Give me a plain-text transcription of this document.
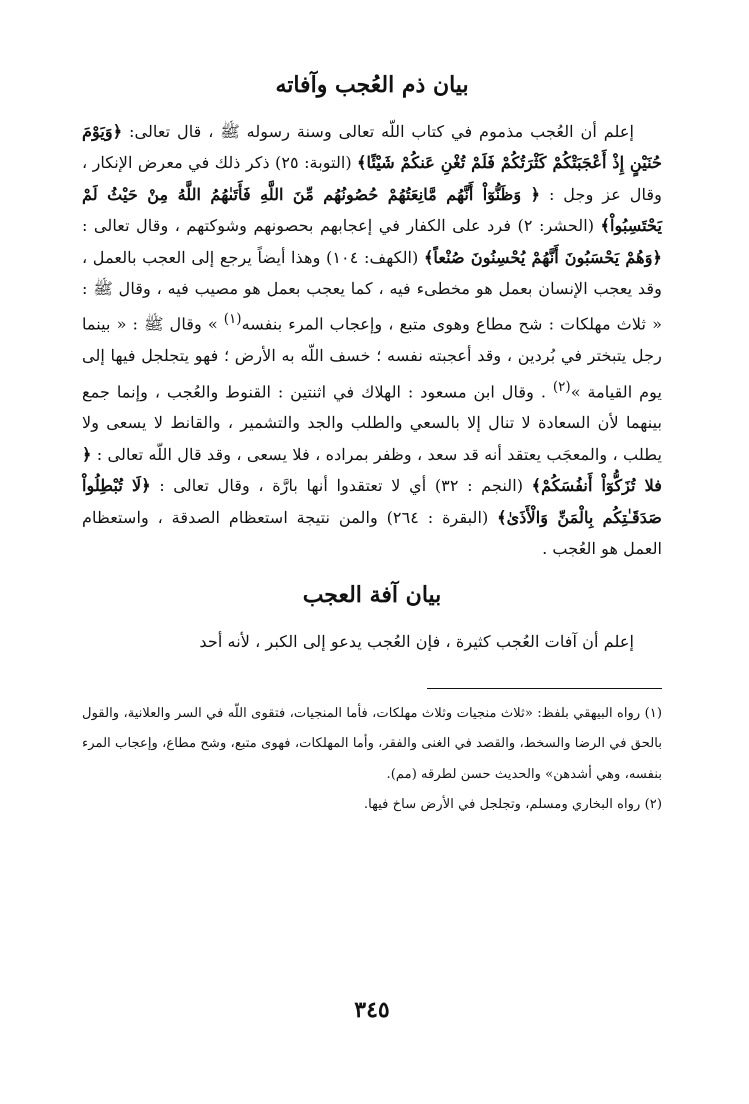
بيان ذم العُجب وآفاته

إعلم أن العُجب مذموم في كتاب اللّه تعالى وسنة رسوله ﷺ ، قال تعالى: ﴿وَيَوْمَ حُنَيْنٍ إِذْ أَعْجَبَتْكُمْ كَثْرَتُكُمْ فَلَمْ تُغْنِ عَنكُمْ شَيْئًا﴾ (التوبة: ٢٥) ذكر ذلك في معرض الإنكار ، وقال عز وجل : ﴿ وَظَنُّوٓاْ أَنَّهُم مَّانِعَتُهُمْ حُصُونُهُم مِّنَ اللَّهِ فَأَتَىٰهُمُ اللَّهُ مِنْ حَيْثُ لَمْ يَحْتَسِبُواْ﴾ (الحشر: ٢) فرد على الكفار في إعجابهم بحصونهم وشوكتهم ، وقال تعالى : ﴿وَهُمْ يَحْسَبُونَ أَنَّهُمْ يُحْسِنُونَ صُنْعاً﴾ (الكهف: ١٠٤) وهذا أيضاً يرجع إلى العجب بالعمل ، وقد يعجب الإنسان بعمل هو مخطىء فيه ، كما يعجب بعمل هو مصيب فيه ، وقال ﷺ : « ثلاث مهلكات : شح مطاع وهوى متبع ، وإعجاب المرء بنفسه$^{(١)}$ » وقال ﷺ : « بينما رجل يتبختر في بُردين ، وقد أعجبته نفسه ؛ خسف اللّه به الأرض ؛ فهو يتجلجل فيها إلى يوم القيامة »$^{(٢)}$ . وقال ابن مسعود : الهلاك في اثنتين : القنوط والعُجب ، وإنما جمع بينهما لأن السعادة لا تنال إلا بالسعي والطلب والجد والتشمير ، والقانط لا يسعى ولا يطلب ، والمعجَب يعتقد أنه قد سعد ، وظفر بمراده ، فلا يسعى ، وقد قال اللّه تعالى : ﴿ فلا تُزَكُّوٓاْ أَنفُسَكُمْ﴾ (النجم : ٣٢) أي لا تعتقدوا أنها بارَّة ، وقال تعالى : ﴿لَا تُبْطِلُواْ صَدَقَـٰتِكُم بِالْمَنِّ وَالْأَذَىٰ﴾ (البقرة : ٢٦٤) والمن نتيجة استعظام الصدقة ، واستعظام العمل هو العُجب .

بيان آفة العجب

إعلم أن آفات العُجب كثيرة ، فإن العُجب يدعو إلى الكبر ، لأنه أحد

(١) رواه البيهقي بلفظ: «ثلاث منجيات وثلاث مهلكات، فأما المنجيات، فتقوى اللّه في السر والعلانية، والقول بالحق في الرضا والسخط، والقصد في الغنى والفقر، وأما المهلكات، فهوى متبع، وشح مطاع، وإعجاب المرء بنفسه، وهي أشدهن» والحديث حسن لطرقه (مم).

(٢) رواه البخاري ومسلم، وتجلجل في الأرض ساخ فيها.

٣٤٥
